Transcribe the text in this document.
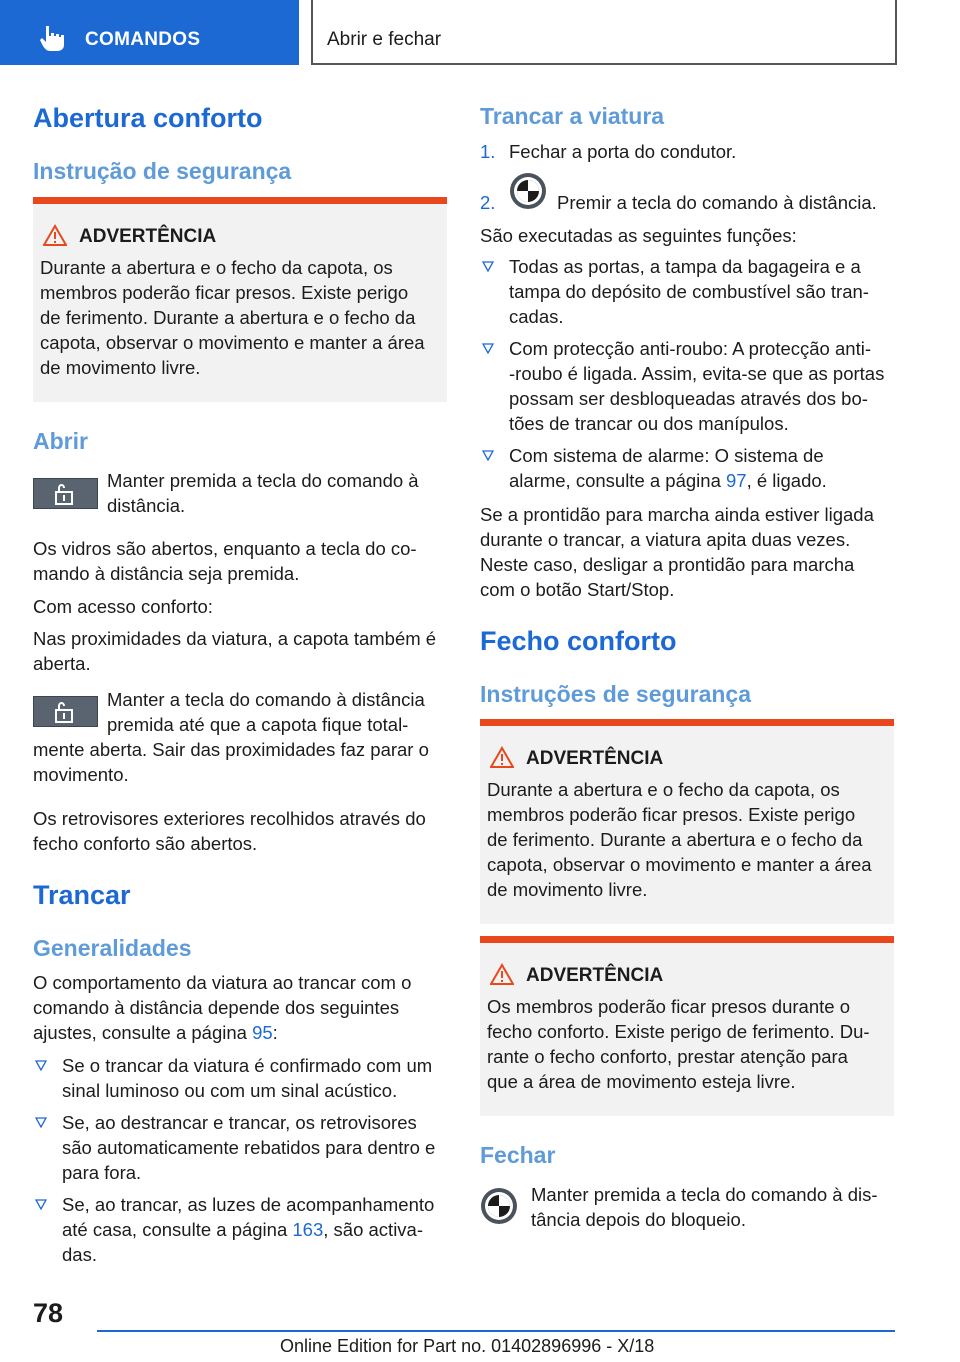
COMANDOS	Abrir e fechar
Abertura conforto
Instrução de segurança
ADVERTÊNCIA
Durante a abertura e o fecho da capota, os
membros poderão ficar presos. Existe perigo
de ferimento. Durante a abertura e o fecho da
capota, observar o movimento e manter a área
de movimento livre.
Abrir
Manter premida a tecla do comando à
distância.
Os vidros são abertos, enquanto a tecla do co-
mando à distância seja premida.
Com acesso conforto:
Nas proximidades da viatura, a capota também é
aberta.
Manter a tecla do comando à distância
premida até que a capota fique total-
mente aberta. Sair das proximidades faz parar o
movimento.
Os retrovisores exteriores recolhidos através do
fecho conforto são abertos.
Trancar
Generalidades
O comportamento da viatura ao trancar com o
comando à distância depende dos seguintes
ajustes, consulte a página 95:
Se o trancar da viatura é confirmado com um
sinal luminoso ou com um sinal acústico.
Se, ao destrancar e trancar, os retrovisores
são automaticamente rebatidos para dentro e
para fora.
Se, ao trancar, as luzes de acompanhamento
até casa, consulte a página 163, são activa-
das.
Trancar a viatura
1. Fechar a porta do condutor.
2.	Premir a tecla do comando à distância.
São executadas as seguintes funções:
Todas as portas, a tampa da bagageira e a
tampa do depósito de combustível são tran-
cadas.
Com protecção anti-roubo: A protecção anti-
-roubo é ligada. Assim, evita-se que as portas
possam ser desbloqueadas através dos bo-
tões de trancar ou dos manípulos.
Com sistema de alarme: O sistema de
alarme, consulte a página 97, é ligado.
Se a prontidão para marcha ainda estiver ligada
durante o trancar, a viatura apita duas vezes.
Neste caso, desligar a prontidão para marcha
com o botão Start/Stop.
Fecho conforto
Instruções de segurança
ADVERTÊNCIA
Durante a abertura e o fecho da capota, os
membros poderão ficar presos. Existe perigo
de ferimento. Durante a abertura e o fecho da
capota, observar o movimento e manter a área
de movimento livre.
ADVERTÊNCIA
Os membros poderão ficar presos durante o
fecho conforto. Existe perigo de ferimento. Du-
rante o fecho conforto, prestar atenção para
que a área de movimento esteja livre.
Fechar
Manter premida a tecla do comando à dis-
tância depois do bloqueio.
78
Online Edition for Part no. 01402896996 - X/18
